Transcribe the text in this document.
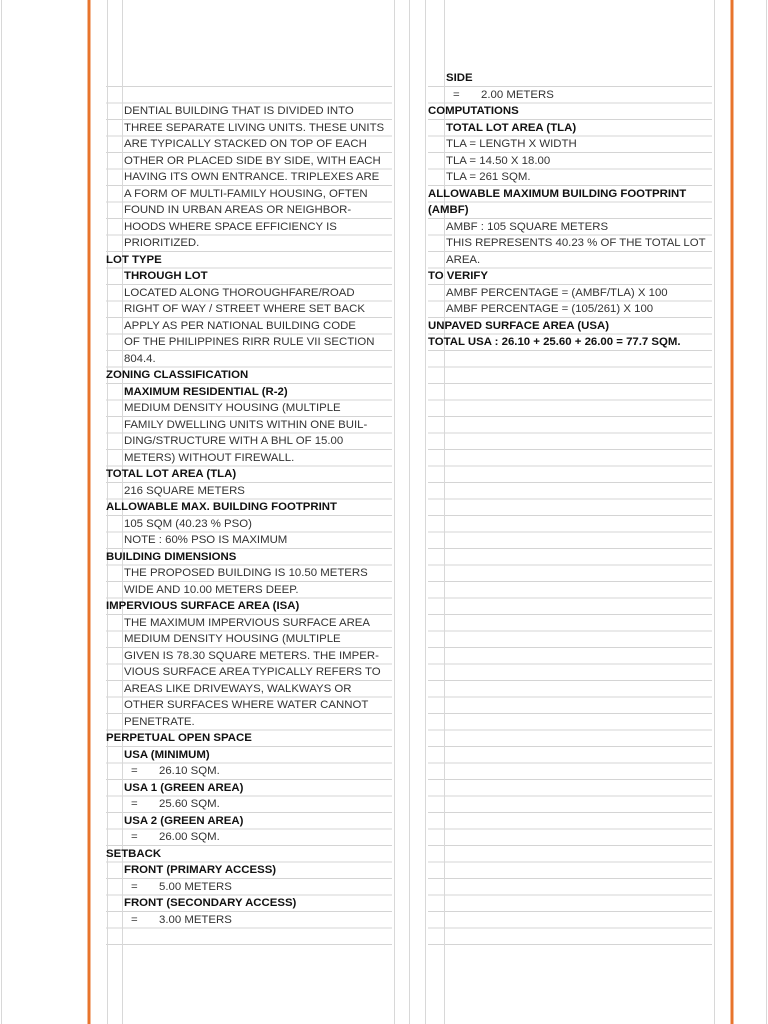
DENTIAL BUILDING THAT IS DIVIDED INTO
THREE SEPARATE LIVING UNITS. THESE UNITS
ARE TYPICALLY STACKED ON TOP OF EACH
OTHER OR PLACED SIDE BY SIDE, WITH EACH
HAVING ITS OWN ENTRANCE. TRIPLEXES ARE
A FORM OF MULTI-FAMILY HOUSING, OFTEN
FOUND IN URBAN AREAS OR NEIGHBOR-
HOODS WHERE SPACE EFFICIENCY IS
PRIORITIZED.
LOT TYPE
THROUGH LOT
LOCATED ALONG THOROUGHFARE/ROAD
RIGHT OF WAY / STREET WHERE SET BACK
APPLY AS PER NATIONAL BUILDING CODE
OF THE PHILIPPINES RIRR RULE VII SECTION
804.4.
ZONING CLASSIFICATION
MAXIMUM RESIDENTIAL (R-2)
MEDIUM DENSITY HOUSING (MULTIPLE
FAMILY DWELLING UNITS WITHIN ONE BUIL-
DING/STRUCTURE WITH A BHL OF 15.00
METERS) WITHOUT FIREWALL.
TOTAL LOT AREA (TLA)
216 SQUARE METERS
ALLOWABLE MAX. BUILDING FOOTPRINT
105 SQM (40.23 % PSO)
NOTE : 60% PSO IS MAXIMUM
BUILDING DIMENSIONS
THE PROPOSED BUILDING IS 10.50 METERS
WIDE AND 10.00 METERS DEEP.
IMPERVIOUS SURFACE AREA (ISA)
THE MAXIMUM IMPERVIOUS SURFACE AREA
MEDIUM DENSITY HOUSING (MULTIPLE
GIVEN IS 78.30 SQUARE METERS. THE IMPER-
VIOUS SURFACE AREA TYPICALLY REFERS TO
AREAS LIKE DRIVEWAYS, WALKWAYS OR
OTHER SURFACES WHERE WATER CANNOT
PENETRATE.
PERPETUAL OPEN SPACE
USA (MINIMUM)
=	26.10 SQM.
USA 1 (GREEN AREA)
=	25.60 SQM.
USA 2 (GREEN AREA)
=	26.00 SQM.
SETBACK
FRONT (PRIMARY ACCESS)
=	5.00 METERS
FRONT (SECONDARY ACCESS)
=	3.00 METERS
SIDE
=	2.00 METERS
COMPUTATIONS
TOTAL LOT AREA (TLA)
TLA = LENGTH X WIDTH
TLA = 14.50 X 18.00
TLA = 261 SQM.
ALLOWABLE MAXIMUM BUILDING FOOTPRINT
(AMBF)
AMBF : 105 SQUARE METERS
THIS REPRESENTS 40.23 % OF THE TOTAL LOT
AREA.
TO VERIFY
AMBF PERCENTAGE = (AMBF/TLA) X 100
AMBF PERCENTAGE = (105/261) X 100
UNPAVED SURFACE AREA (USA)
TOTAL USA : 26.10 + 25.60 + 26.00 = 77.7 SQM.
